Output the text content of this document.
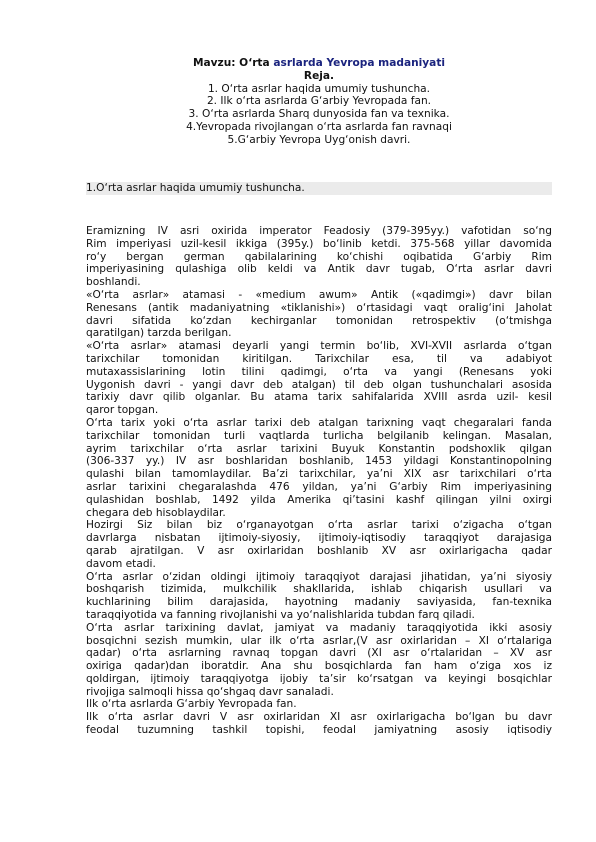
Mavzu: O‘rta asrlarda Yevropa madaniyati

Reja.

1. O‘rta asrlar haqida umumiy tushuncha.

2. Ilk o‘rta asrlarda G‘arbiy Yevropada fan.

3. O‘rta asrlarda Sharq dunyosida fan va texnika.

4.Yevropada rivojlangan o‘rta asrlarda fan ravnaqi

5.G‘arbiy Yevropa Uyg‘onish davri.

1.O‘rta asrlar haqida umumiy tushuncha.
Eramizning IV asri oxirida imperator Feadosiy (379-395yy.) vafotidan so‘ng
Rim imperiyasi uzil-kesil ikkiga (395y.) bo‘linib ketdi. 375-568 yillar davomida
ro‘y bergan german qabilalarining ko‘chishi oqibatida G‘arbiy Rim
imperiyasining qulashiga olib keldi va Antik davr tugab, O‘rta asrlar davri
boshlandi.
«O‘rta asrlar» atamasi - «medium awum» Antik («qadimgi») davr bilan
Renesans (antik madaniyatning «tiklanishi») o‘rtasidagi vaqt oralig‘ini Jaholat
davri sifatida ko‘zdan kechirganlar tomonidan retrospektiv (o‘tmishga
qaratilgan) tarzda berilgan.
«O‘rta asrlar» atamasi deyarli yangi termin bo‘lib, XVI-XVII asrlarda o‘tgan
tarixchilar tomonidan kiritilgan. Tarixchilar esa, til va adabiyot
mutaxassislarining lotin tilini qadimgi, o‘rta va yangi (Renesans yoki
Uygonish davri - yangi davr deb atalgan) til deb olgan tushunchalari asosida
tarixiy davr qilib olganlar. Bu atama tarix sahifalarida XVIII asrda uzil- kesil
qaror topgan.
O‘rta tarix yoki o‘rta asrlar tarixi deb atalgan tarixning vaqt chegaralari fanda
tarixchilar tomonidan turli vaqtlarda turlicha belgilanib kelingan. Masalan,
ayrim tarixchilar o‘rta asrlar tarixini Buyuk Konstantin podshoxlik qilgan
(306-337 yy.) IV asr boshlaridan boshlanib, 1453 yildagi Konstantinopolning
qulashi bilan tamomlaydilar. Ba’zi tarixchilar, ya’ni XIX asr tarixchilari o‘rta
asrlar tarixini chegaralashda 476 yildan, ya’ni G‘arbiy Rim imperiyasining
qulashidan boshlab, 1492 yilda Amerika qi’tasini kashf qilingan yilni oxirgi
chegara deb hisoblaydilar.
Hozirgi Siz bilan biz o‘rganayotgan o‘rta asrlar tarixi o‘zigacha o‘tgan
davrlarga nisbatan ijtimoiy-siyosiy, ijtimoiy-iqtisodiy taraqqiyot darajasiga
qarab ajratilgan. V asr oxirlaridan boshlanib XV asr oxirlarigacha qadar
davom etadi.
O‘rta asrlar o‘zidan oldingi ijtimoiy taraqqiyot darajasi jihatidan, ya’ni siyosiy
boshqarish tizimida, mulkchilik shakllarida, ishlab chiqarish usullari va
kuchlarining bilim darajasida, hayotning madaniy saviyasida, fan-texnika
taraqqiyotida va fanning rivojlanishi va yo‘nalishlarida tubdan farq qiladi.
O‘rta asrlar tarixining davlat, jamiyat va madaniy taraqqiyotida ikki asosiy
bosqichni sezish mumkin, ular ilk o‘rta asrlar,(V asr oxirlaridan – XI o‘rtalariga
qadar) o‘rta asrlarning ravnaq topgan davri (XI asr o‘rtalaridan – XV asr
oxiriga qadar)dan iboratdir. Ana shu bosqichlarda fan ham o‘ziga xos iz
qoldirgan, ijtimoiy taraqqiyotga ijobiy ta’sir ko‘rsatgan va keyingi bosqichlar
rivojiga salmoqli hissa qo‘shgaq davr sanaladi.
Ilk o‘rta asrlarda G‘arbiy Yevropada fan.
Ilk o‘rta asrlar davri V asr oxirlaridan XI asr oxirlarigacha bo‘lgan bu davr
feodal tuzumning tashkil topishi, feodal jamiyatning asosiy iqtisodiy
